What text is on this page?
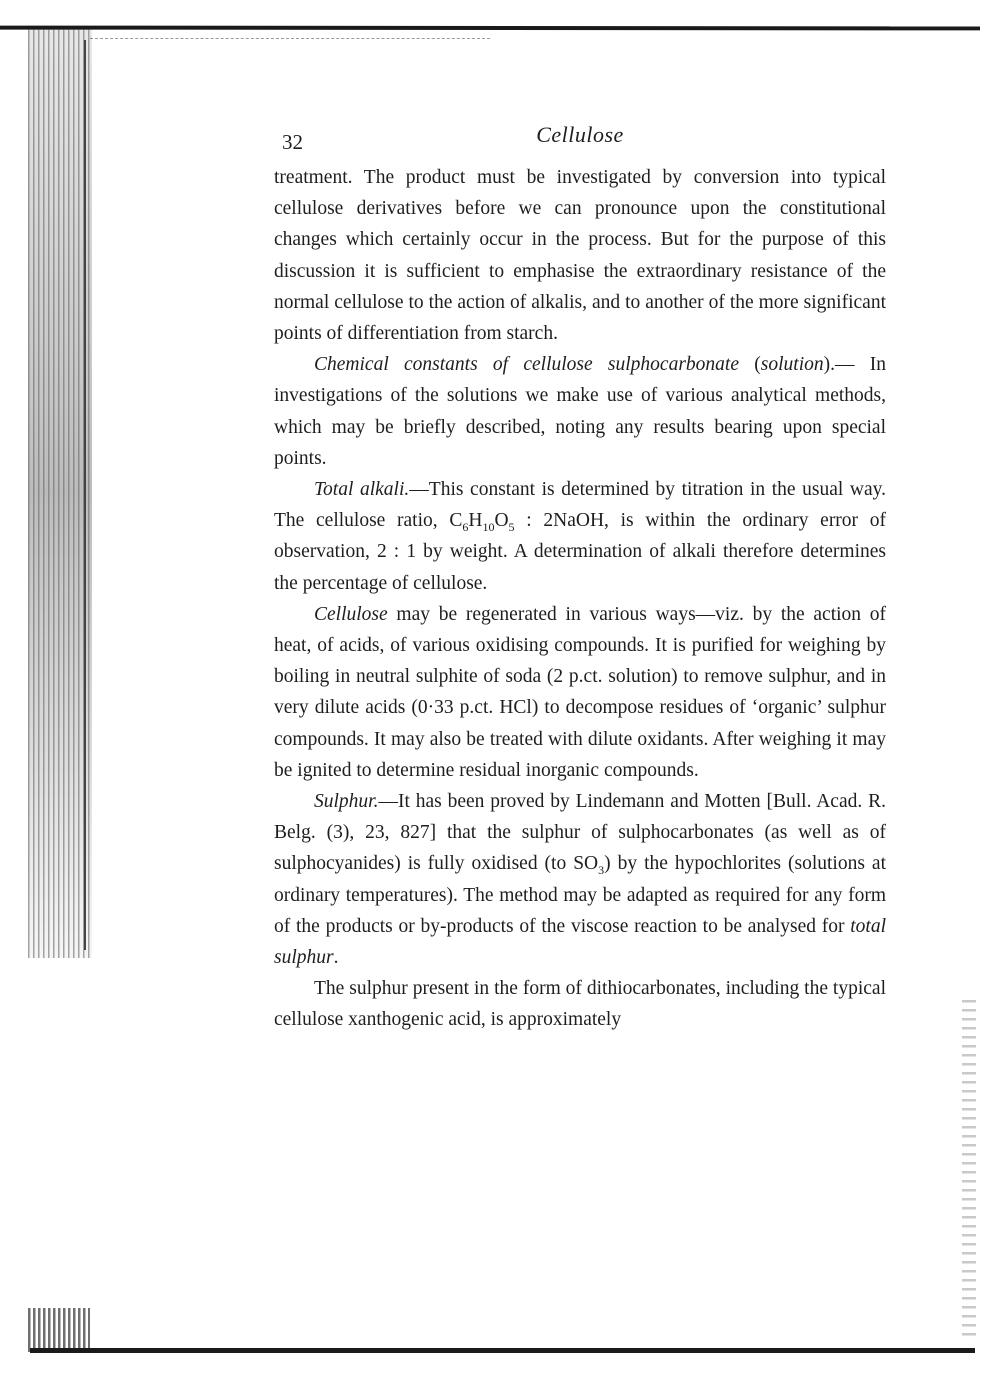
32	Cellulose

treatment. The product must be investigated by conversion into typical cellulose derivatives before we can pronounce upon the constitutional changes which certainly occur in the process. But for the purpose of this discussion it is sufficient to emphasise the extraordinary resistance of the normal cellulose to the action of alkalis, and to another of the more significant points of differentiation from starch.

Chemical constants of cellulose sulphocarbonate (solution).— In investigations of the solutions we make use of various analytical methods, which may be briefly described, noting any results bearing upon special points.

Total alkali.—This constant is determined by titration in the usual way. The cellulose ratio, $C_6H_{10}O_5$ : 2NaOH, is within the ordinary error of observation, 2 : 1 by weight. A determination of alkali therefore determines the percentage of cellulose.

Cellulose may be regenerated in various ways—viz. by the action of heat, of acids, of various oxidising compounds. It is purified for weighing by boiling in neutral sulphite of soda (2 p.ct. solution) to remove sulphur, and in very dilute acids (0·33 p.ct. HCl) to decompose residues of ‘organic’ sulphur compounds. It may also be treated with dilute oxidants. After weighing it may be ignited to determine residual inorganic compounds.

Sulphur.—It has been proved by Lindemann and Motten [Bull. Acad. R. Belg. (3), 23, 827] that the sulphur of sulphocarbonates (as well as of sulphocyanides) is fully oxidised (to $SO_3$) by the hypochlorites (solutions at ordinary temperatures). The method may be adapted as required for any form of the products or by-products of the viscose reaction to be analysed for total sulphur.

The sulphur present in the form of dithiocarbonates, including the typical cellulose xanthogenic acid, is approximately
